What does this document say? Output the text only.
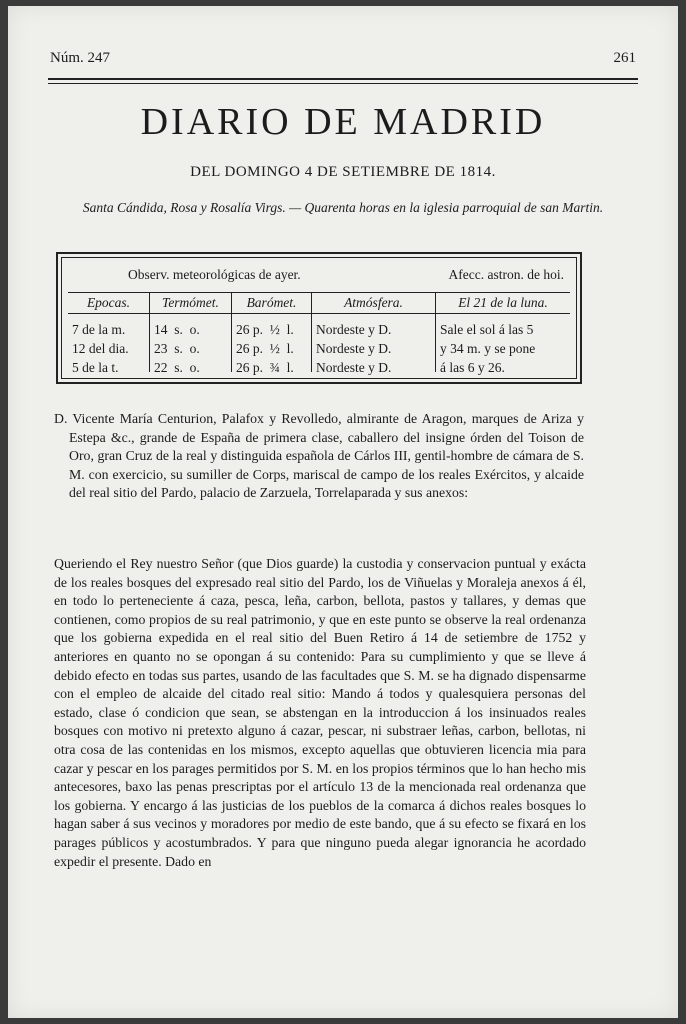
Núm. 247	261
DIARIO DE MADRID
DEL DOMINGO 4 DE SETIEMBRE DE 1814.
Santa Cándida, Rosa y Rosalía Virgs. — Quarenta horas en la iglesia parroquial de san Martin.
Observ. meteorológicas de ayer.	Afecc. astron. de hoi.
Epocas.
7 de la m.
12 del dia.
5 de la t.
Termómet.
14  s.  o.
23  s.  o.
22  s.  o.
Barómet.
26 p.  ½  l.
26 p.  ½  l.
26 p.  ¾  l.
Atmósfera.
Nordeste y D.
Nordeste y D.
Nordeste y D.
El 21 de la luna.
Sale el sol á las 5
y 34 m. y se pone
á las 6 y 26.

D. Vicente María Centurion, Palafox y Revolledo, almirante de Aragon, marques de Ariza y Estepa &c., grande de España de primera clase, caballero del insigne órden del Toison de Oro, gran Cruz de la real y distinguida española de Cárlos III, gentil-hombre de cámara de S. M. con exercicio, su sumiller de Corps, mariscal de campo de los reales Exércitos, y alcaide del real sitio del Pardo, palacio de Zarzuela, Torrelaparada y sus anexos:

Queriendo el Rey nuestro Señor (que Dios guarde) la custodia y conservacion puntual y exácta de los reales bosques del expresado real sitio del Pardo, los de Viñuelas y Moraleja anexos á él, en todo lo perteneciente á caza, pesca, leña, carbon, bellota, pastos y tallares, y demas que contienen, como propios de su real patrimonio, y que en este punto se observe la real ordenanza que los gobierna expedida en el real sitio del Buen Retiro á 14 de setiembre de 1752 y anteriores en quanto no se opongan á su contenido: Para su cumplimiento y que se lleve á debido efecto en todas sus partes, usando de las facultades que S. M. se ha dignado dispensarme con el empleo de alcaide del citado real sitio: Mando á todos y qualesquiera personas del estado, clase ó condicion que sean, se abstengan en la introduccion á los insinuados reales bosques con motivo ni pretexto alguno á cazar, pescar, ni substraer leñas, carbon, bellotas, ni otra cosa de las contenidas en los mismos, excepto aquellas que obtuvieren licencia mia para cazar y pescar en los parages permitidos por S. M. en los propios términos que lo han hecho mis antecesores, baxo las penas prescriptas por el artículo 13 de la mencionada real ordenanza que los gobierna. Y encargo á las justicias de los pueblos de la comarca á dichos reales bosques lo hagan saber á sus vecinos y moradores por medio de este bando, que á su efecto se fixará en los parages públicos y acostumbrados. Y para que ninguno pueda alegar ignorancia he acordado expedir el presente. Dado en
